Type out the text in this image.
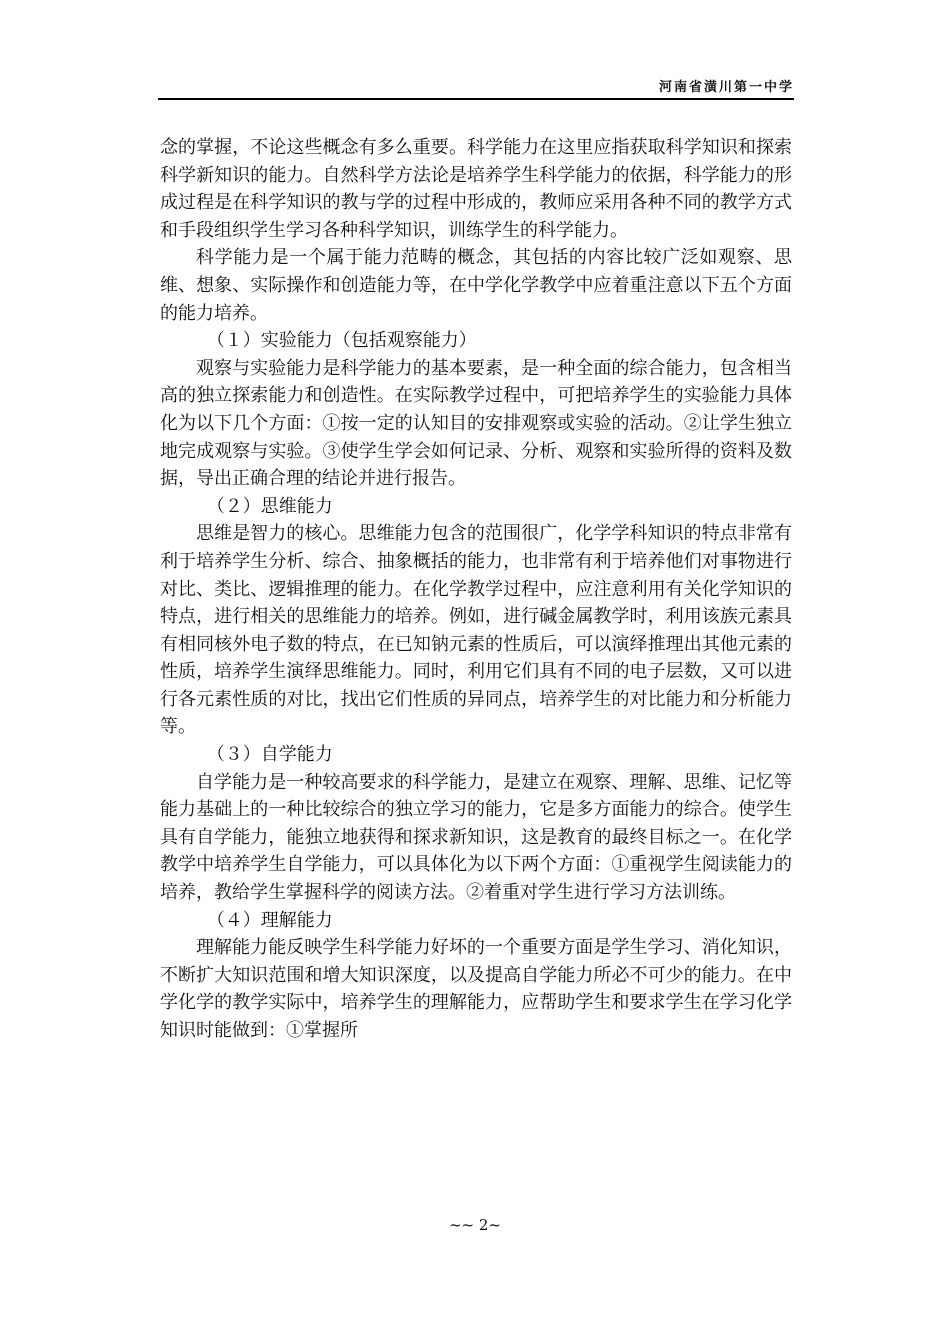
河南省潢川第一中学

念的掌握，不论这些概念有多么重要。科学能力在这里应指获取科学知识和探索科学新知识的能力。自然科学方法论是培养学生科学能力的依据，科学能力的形成过程是在科学知识的教与学的过程中形成的，教师应采用各种不同的教学方式和手段组织学生学习各种科学知识，训练学生的科学能力。

科学能力是一个属于能力范畴的概念，其包括的内容比较广泛如观察、思维、想象、实际操作和创造能力等，在中学化学教学中应着重注意以下五个方面的能力培养。

（１）实验能力（包括观察能力）

观察与实验能力是科学能力的基本要素，是一种全面的综合能力，包含相当高的独立探索能力和创造性。在实际教学过程中，可把培养学生的实验能力具体化为以下几个方面：①按一定的认知目的安排观察或实验的活动。②让学生独立地完成观察与实验。③使学生学会如何记录、分析、观察和实验所得的资料及数据，导出正确合理的结论并进行报告。

（２）思维能力

思维是智力的核心。思维能力包含的范围很广，化学学科知识的特点非常有利于培养学生分析、综合、抽象概括的能力，也非常有利于培养他们对事物进行对比、类比、逻辑推理的能力。在化学教学过程中，应注意利用有关化学知识的特点，进行相关的思维能力的培养。例如，进行碱金属教学时，利用该族元素具有相同核外电子数的特点，在已知钠元素的性质后，可以演绎推理出其他元素的性质，培养学生演绎思维能力。同时，利用它们具有不同的电子层数，又可以进行各元素性质的对比，找出它们性质的异同点，培养学生的对比能力和分析能力等。

（３）自学能力

自学能力是一种较高要求的科学能力，是建立在观察、理解、思维、记忆等能力基础上的一种比较综合的独立学习的能力，它是多方面能力的综合。使学生具有自学能力，能独立地获得和探求新知识，这是教育的最终目标之一。在化学教学中培养学生自学能力，可以具体化为以下两个方面：①重视学生阅读能力的培养，教给学生掌握科学的阅读方法。②着重对学生进行学习方法训练。

（４）理解能力

理解能力能反映学生科学能力好坏的一个重要方面是学生学习、消化知识，不断扩大知识范围和增大知识深度，以及提高自学能力所必不可少的能力。在中学化学的教学实际中，培养学生的理解能力，应帮助学生和要求学生在学习化学知识时能做到：①掌握所

~~ 2~
